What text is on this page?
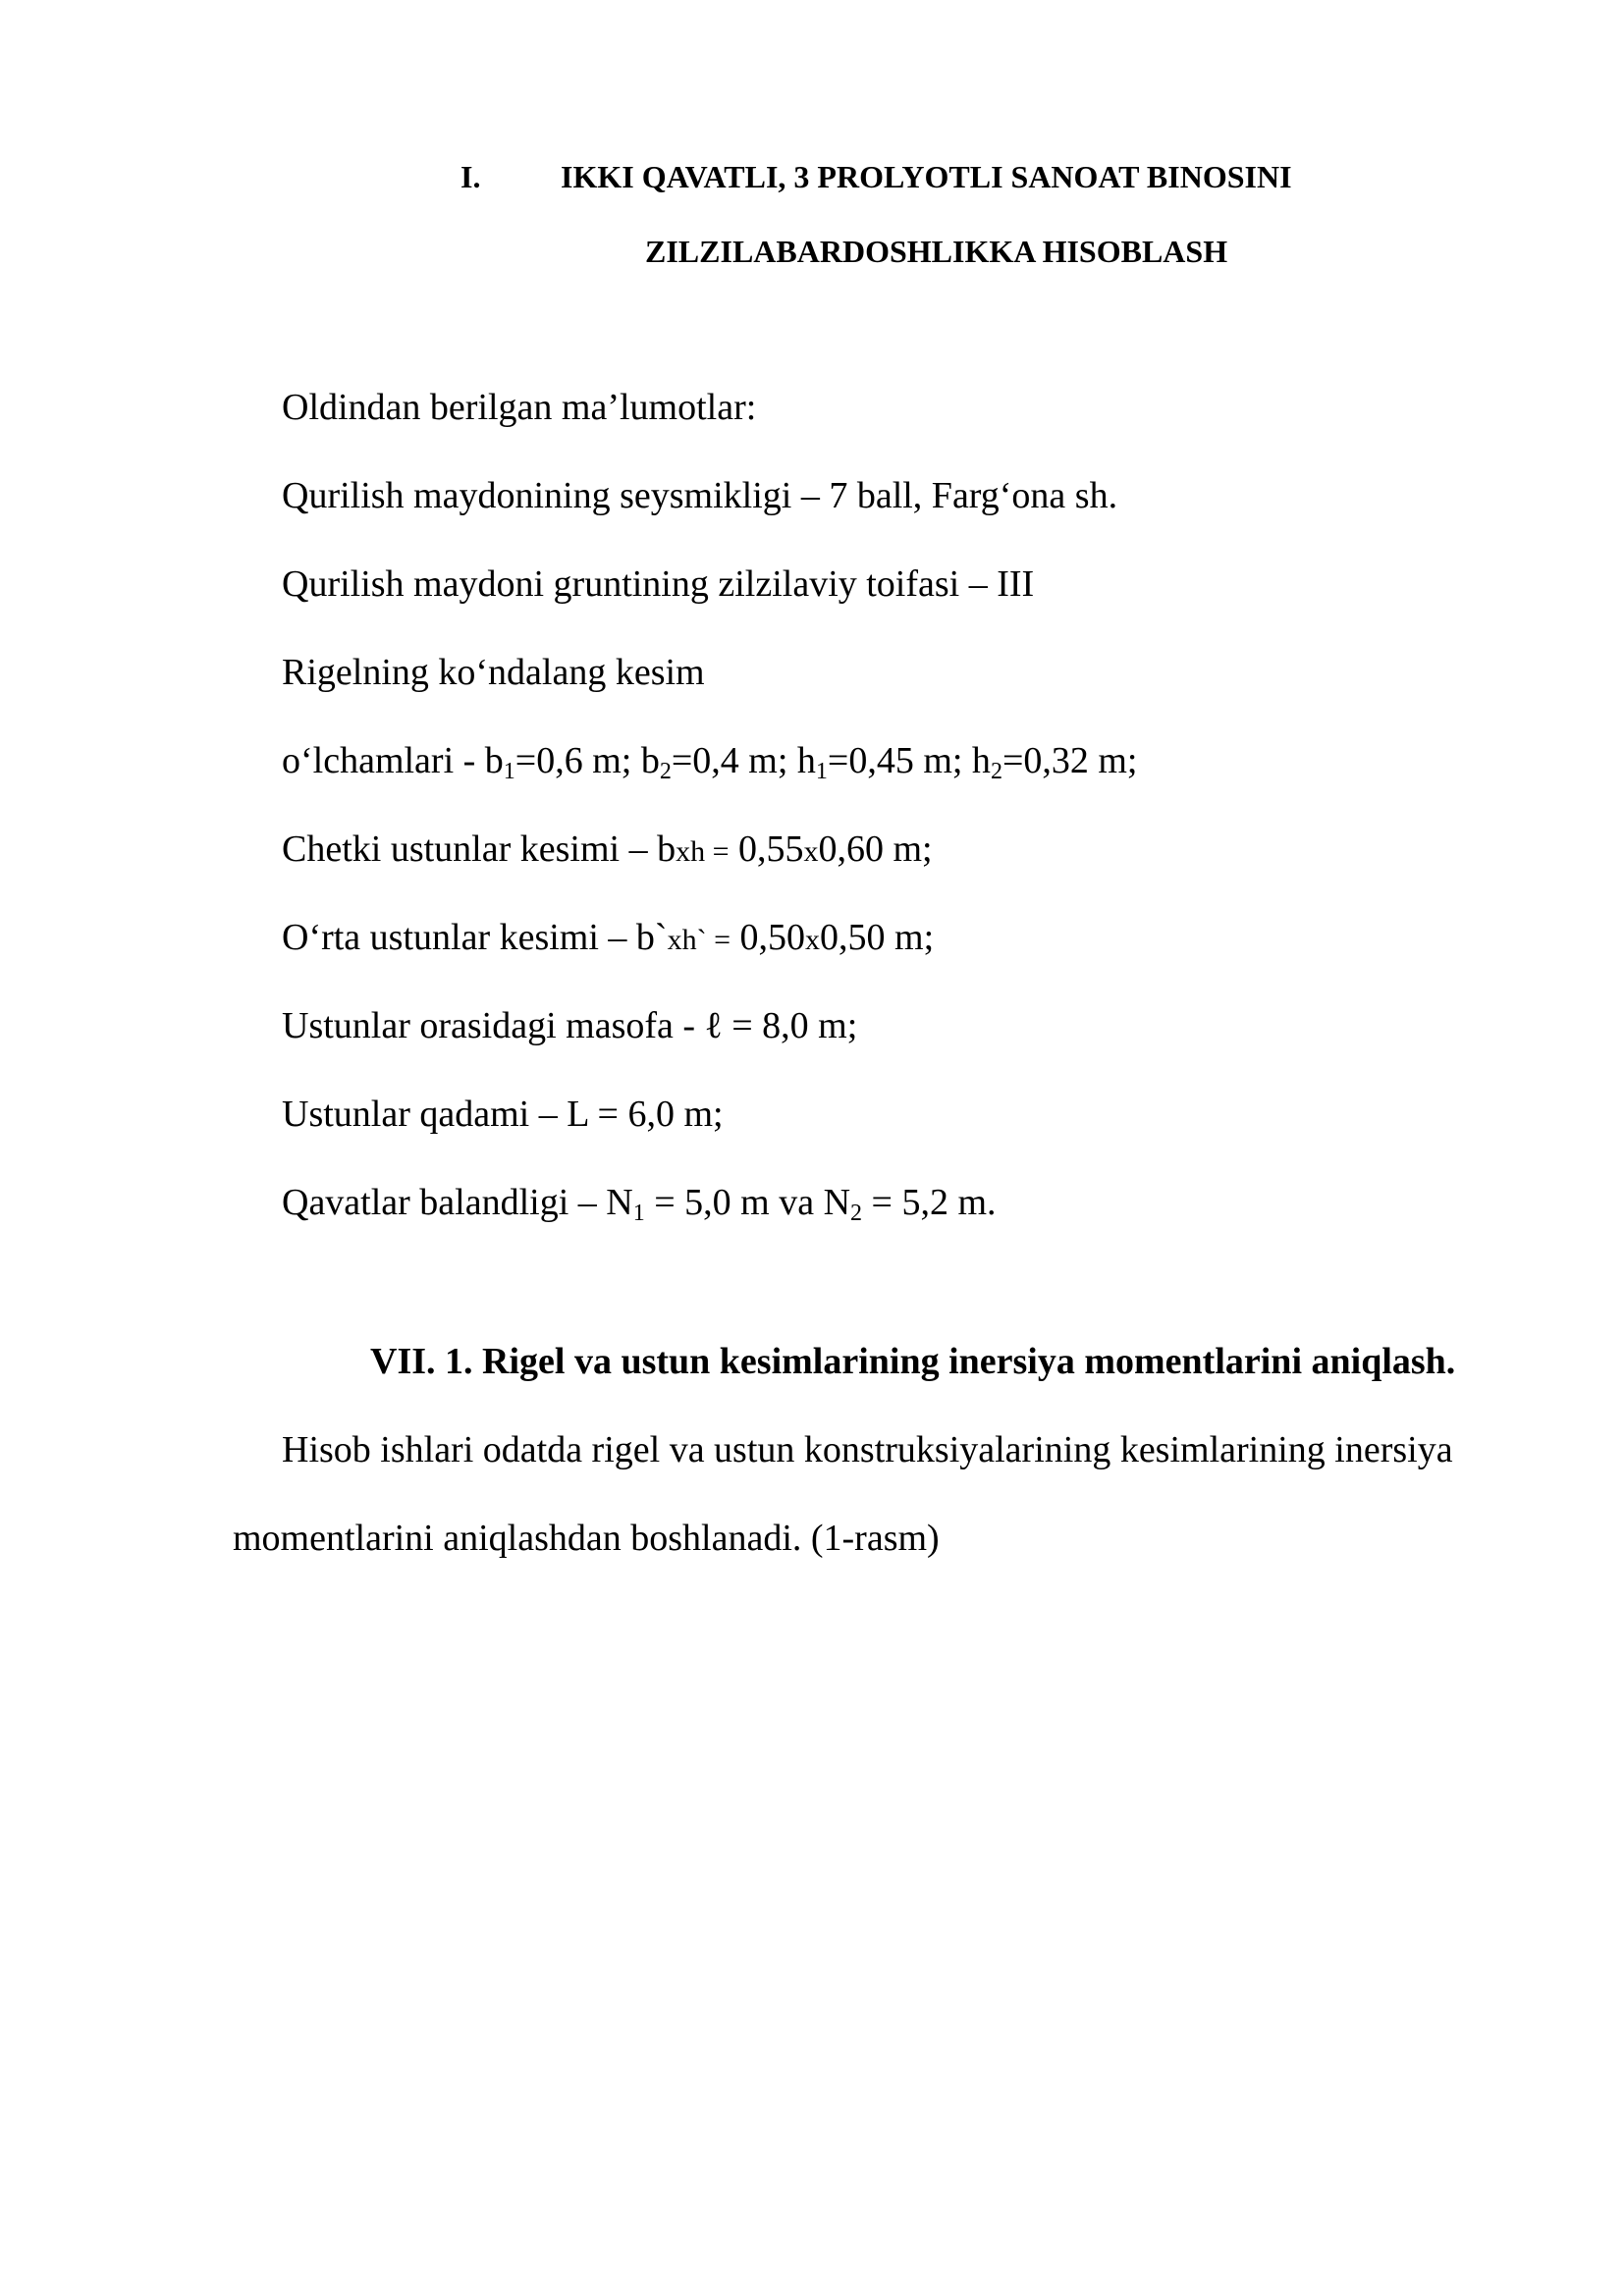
I.	IKKI QAVATLI, 3 PROLYOTLI SANOAT BINOSINI
ZILZILABARDOSHLIKKA HISOBLASH
Oldindan berilgan ma’lumotlar:
Qurilish maydonining seysmikligi – 7 ball, Farg‘ona sh.
Qurilish maydoni gruntining zilzilaviy toifasi – III
Rigelning ko‘ndalang kesim
o‘lchamlari - $b_1=0,6$ m; $b_2=0,4$ m; $h_1=0,45$ m; $h_2=0,32$ m;
Chetki ustunlar kesimi – bxh = 0,55x0,60 m;
O‘rta ustunlar kesimi – b`xh` = 0,50x0,50 m;
Ustunlar orasidagi masofa - ℓ = 8,0 m;
Ustunlar qadami – L = 6,0 m;
Qavatlar balandligi – $N_1 = 5,0$ m va $N_2 = 5,2$ m.
VII. 1. Rigel va ustun kesimlarining inersiya momentlarini aniqlash.
Hisob ishlari odatda rigel va ustun konstruksiyalarining kesimlarining inersiya
momentlarini aniqlashdan boshlanadi. (1-rasm)
